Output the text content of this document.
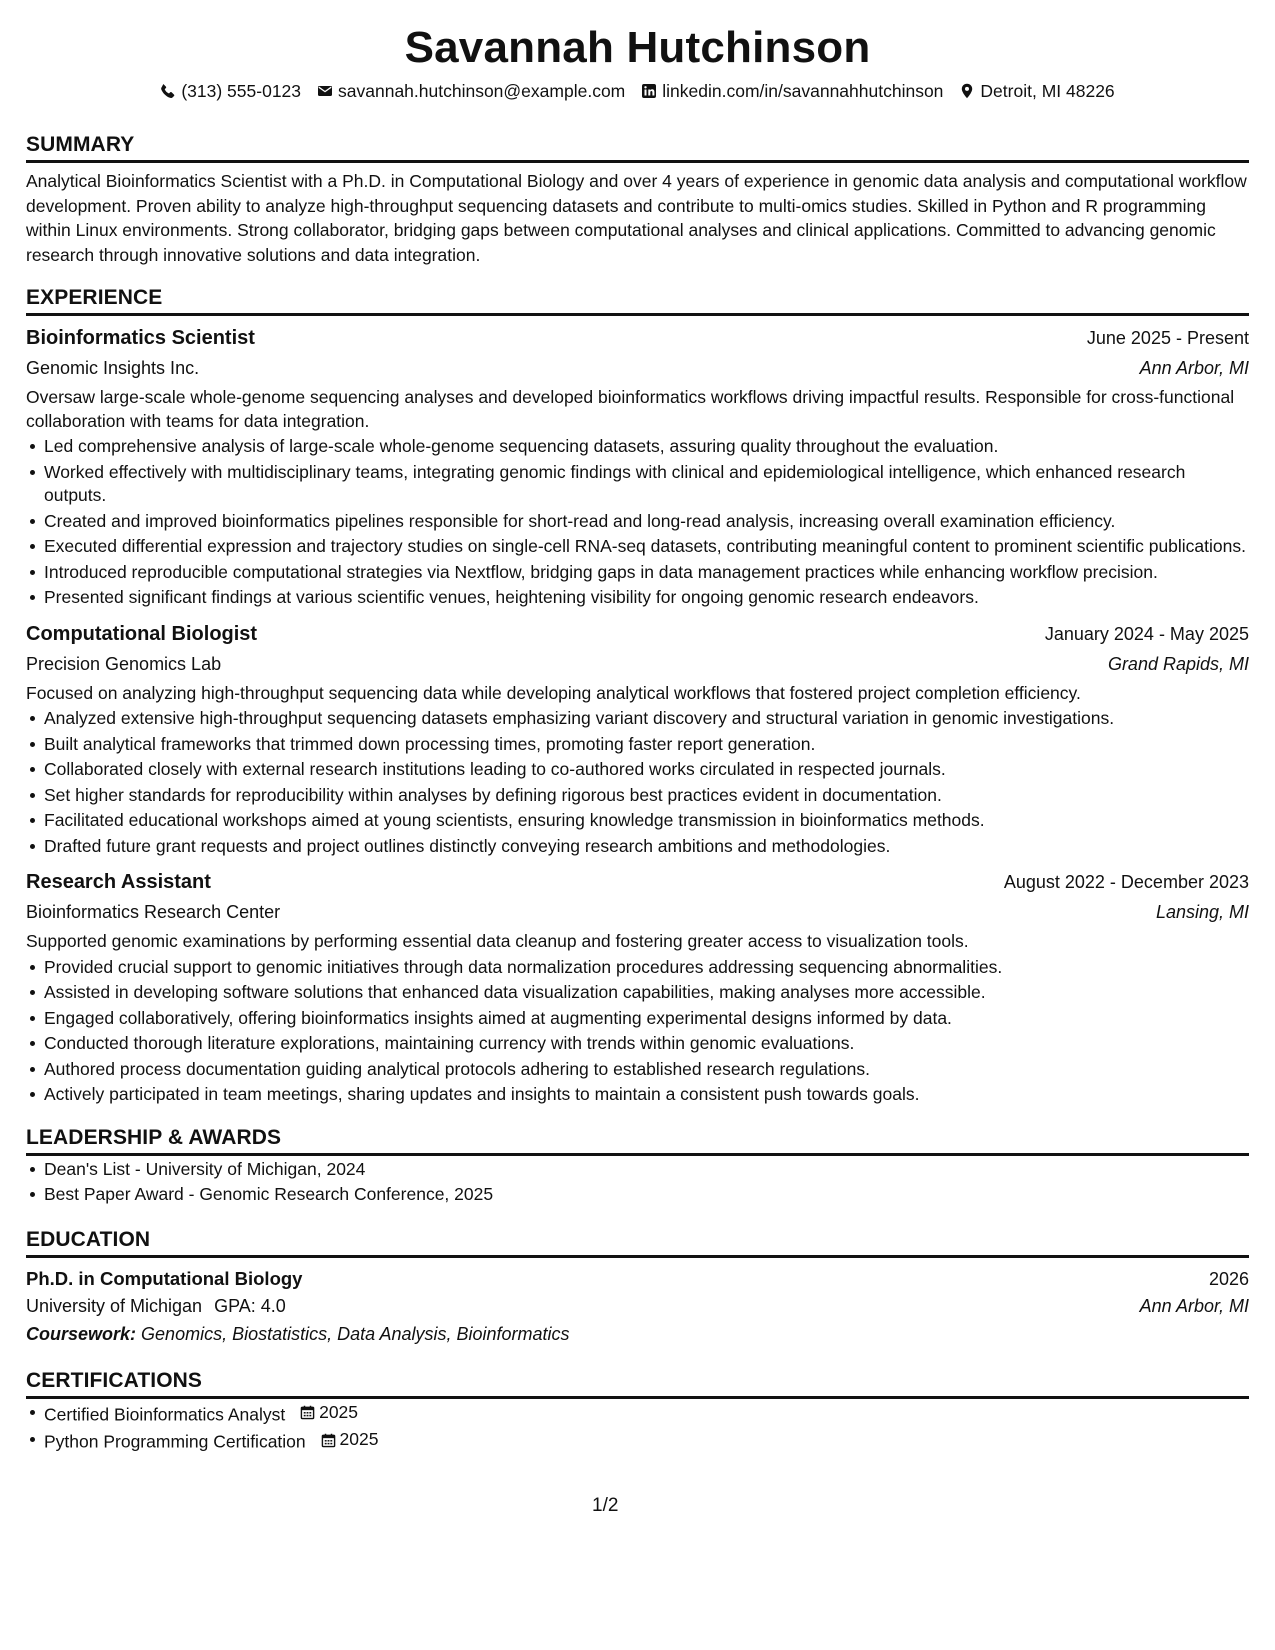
Savannah Hutchinson
(313) 555-0123 savannah.hutchinson@example.com linkedin.com/in/savannahhutchinson Detroit, MI 48226
SUMMARY
Analytical Bioinformatics Scientist with a Ph.D. in Computational Biology and over 4 years of experience in genomic data analysis and computational workflow development. Proven ability to analyze high-throughput sequencing datasets and contribute to multi-omics studies. Skilled in Python and R programming within Linux environments. Strong collaborator, bridging gaps between computational analyses and clinical applications. Committed to advancing genomic research through innovative solutions and data integration.
EXPERIENCE
Bioinformatics Scientist	June 2025 - Present
Genomic Insights Inc.	Ann Arbor, MI
Oversaw large-scale whole-genome sequencing analyses and developed bioinformatics workflows driving impactful results. Responsible for cross-functional collaboration with teams for data integration.
Led comprehensive analysis of large-scale whole-genome sequencing datasets, assuring quality throughout the evaluation.
Worked effectively with multidisciplinary teams, integrating genomic findings with clinical and epidemiological intelligence, which enhanced research outputs.
Created and improved bioinformatics pipelines responsible for short-read and long-read analysis, increasing overall examination efficiency.
Executed differential expression and trajectory studies on single-cell RNA-seq datasets, contributing meaningful content to prominent scientific publications.
Introduced reproducible computational strategies via Nextflow, bridging gaps in data management practices while enhancing workflow precision.
Presented significant findings at various scientific venues, heightening visibility for ongoing genomic research endeavors.
Computational Biologist	January 2024 - May 2025
Precision Genomics Lab	Grand Rapids, MI
Focused on analyzing high-throughput sequencing data while developing analytical workflows that fostered project completion efficiency.
Analyzed extensive high-throughput sequencing datasets emphasizing variant discovery and structural variation in genomic investigations.
Built analytical frameworks that trimmed down processing times, promoting faster report generation.
Collaborated closely with external research institutions leading to co-authored works circulated in respected journals.
Set higher standards for reproducibility within analyses by defining rigorous best practices evident in documentation.
Facilitated educational workshops aimed at young scientists, ensuring knowledge transmission in bioinformatics methods.
Drafted future grant requests and project outlines distinctly conveying research ambitions and methodologies.
Research Assistant	August 2022 - December 2023
Bioinformatics Research Center	Lansing, MI
Supported genomic examinations by performing essential data cleanup and fostering greater access to visualization tools.
Provided crucial support to genomic initiatives through data normalization procedures addressing sequencing abnormalities.
Assisted in developing software solutions that enhanced data visualization capabilities, making analyses more accessible.
Engaged collaboratively, offering bioinformatics insights aimed at augmenting experimental designs informed by data.
Conducted thorough literature explorations, maintaining currency with trends within genomic evaluations.
Authored process documentation guiding analytical protocols adhering to established research regulations.
Actively participated in team meetings, sharing updates and insights to maintain a consistent push towards goals.
LEADERSHIP & AWARDS
Dean's List - University of Michigan, 2024
Best Paper Award - Genomic Research Conference, 2025
EDUCATION
Ph.D. in Computational Biology	2026
University of Michigan GPA: 4.0	Ann Arbor, MI
Coursework: Genomics, Biostatistics, Data Analysis, Bioinformatics
CERTIFICATIONS
Certified Bioinformatics Analyst 2025
Python Programming Certification 2025
1/2
